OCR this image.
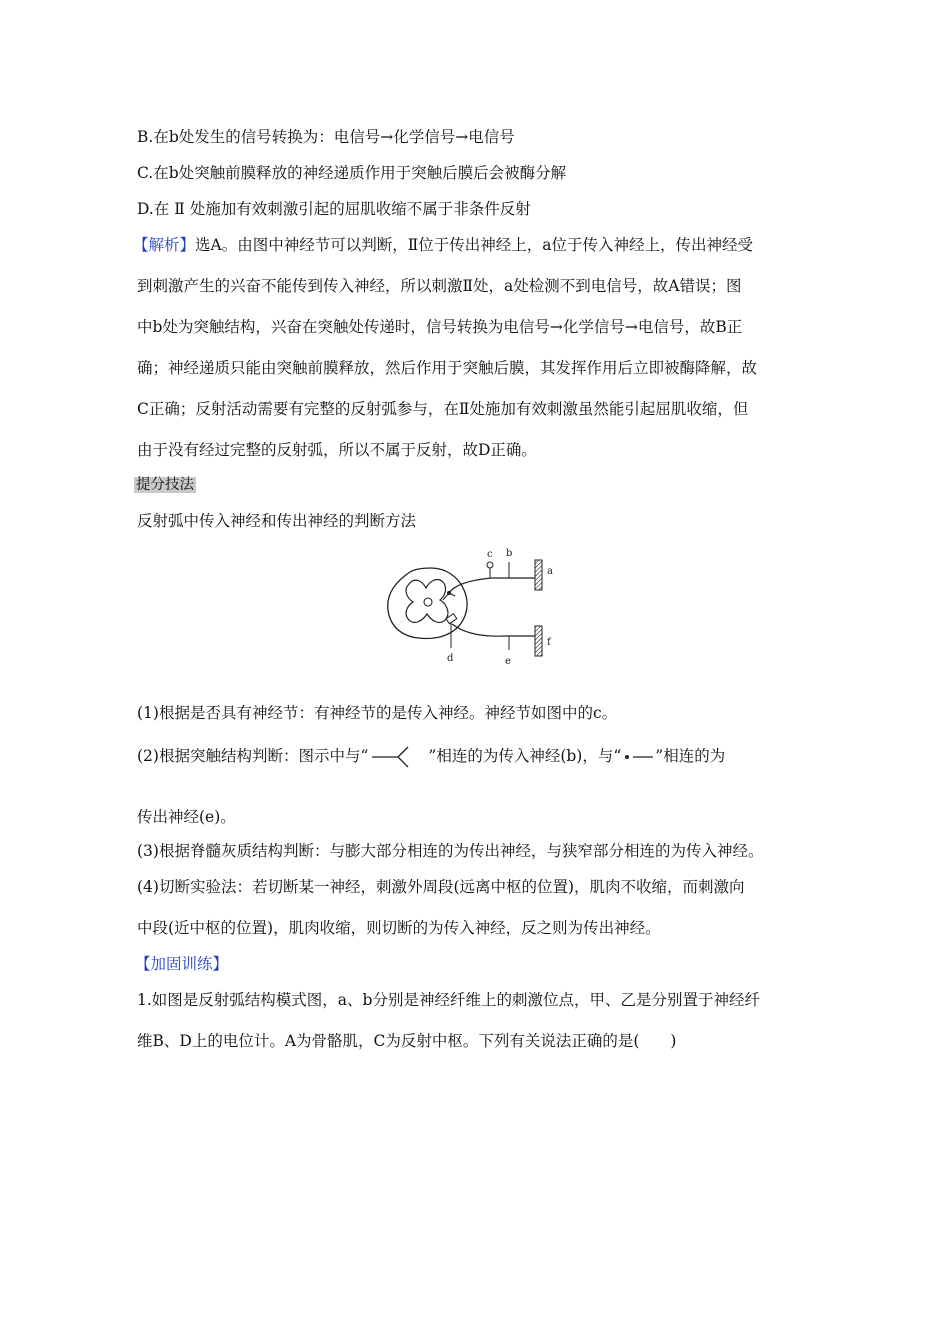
B.在b处发生的信号转换为：电信号→化学信号→电信号
C.在b处突触前膜释放的神经递质作用于突触后膜后会被酶分解
D.在 Ⅱ 处施加有效刺激引起的屈肌收缩不属于非条件反射
【解析】选A。由图中神经节可以判断，Ⅱ位于传出神经上，a位于传入神经上，传出神经受
到刺激产生的兴奋不能传到传入神经，所以刺激Ⅱ处，a处检测不到电信号，故A错误；图
中b处为突触结构，兴奋在突触处传递时，信号转换为电信号→化学信号→电信号，故B正
确；神经递质只能由突触前膜释放，然后作用于突触后膜，其发挥作用后立即被酶降解，故
C正确；反射活动需要有完整的反射弧参与，在Ⅱ处施加有效刺激虽然能引起屈肌收缩，但
由于没有经过完整的反射弧，所以不属于反射，故D正确。
提分技法
反射弧中传入神经和传出神经的判断方法
c b
a
f
d	e
(1)根据是否具有神经节：有神经节的是传入神经。神经节如图中的c。
(2)根据突触结构判断：图示中与“	”相连的为传入神经(b)，与“ ”相连的为
传出神经(e)。
(3)根据脊髓灰质结构判断：与膨大部分相连的为传出神经，与狭窄部分相连的为传入神经。
(4)切断实验法：若切断某一神经，刺激外周段(远离中枢的位置)，肌肉不收缩，而刺激向
中段(近中枢的位置)，肌肉收缩，则切断的为传入神经，反之则为传出神经。
【加固训练】
1.如图是反射弧结构模式图，a、b分别是神经纤维上的刺激位点，甲、乙是分别置于神经纤
维B、D上的电位计。A为骨骼肌，C为反射中枢。下列有关说法正确的是(　　)
